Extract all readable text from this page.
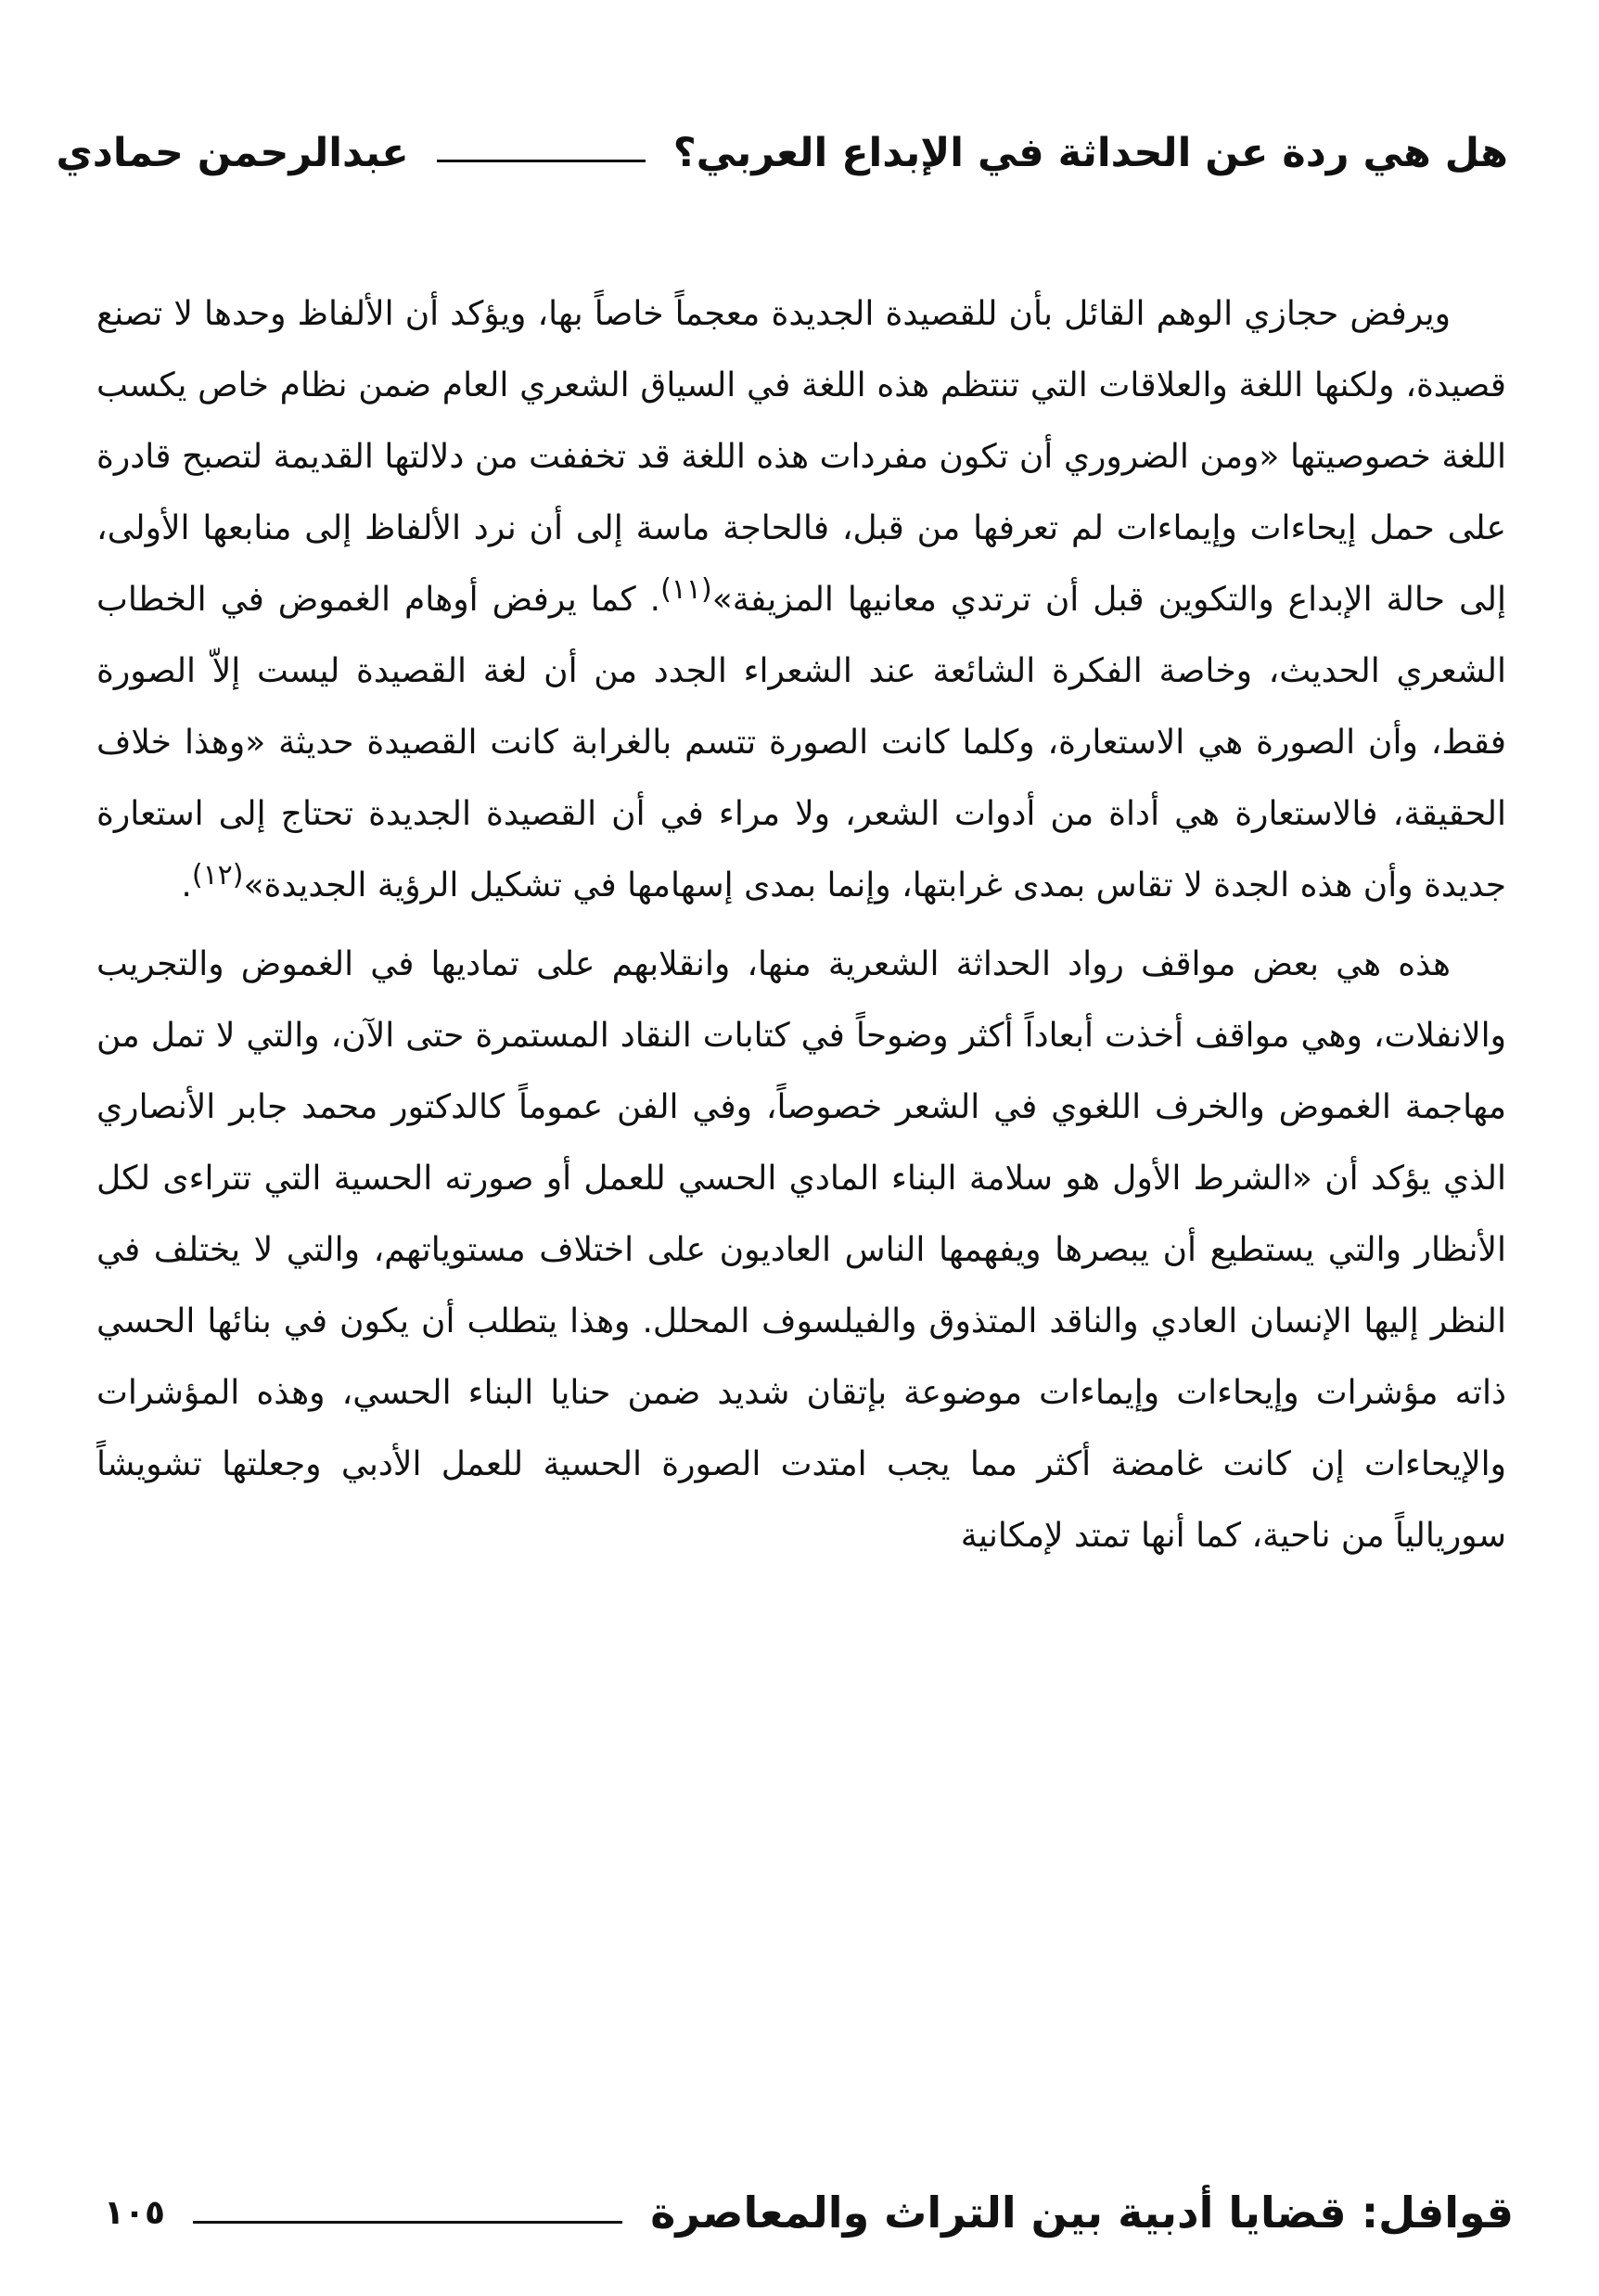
هل هي ردة عن الحداثة في الإبداع العربي؟
عبدالرحمن حمادي

ويرفض حجازي الوهم القائل بأن للقصيدة الجديدة معجماً خاصاً بها، ويؤكد أن الألفاظ وحدها لا تصنع قصيدة، ولكنها اللغة والعلاقات التي تنتظم هذه اللغة في السياق الشعري العام ضمن نظام خاص يكسب اللغة خصوصيتها «ومن الضروري أن تكون مفردات هذه اللغة قد تخففت من دلالتها القديمة لتصبح قادرة على حمل إيحاءات وإيماءات لم تعرفها من قبل، فالحاجة ماسة إلى أن نرد الألفاظ إلى منابعها الأولى، إلى حالة الإبداع والتكوين قبل أن ترتدي معانيها المزيفة»$^{(١١)}$. كما يرفض أوهام الغموض في الخطاب الشعري الحديث، وخاصة الفكرة الشائعة عند الشعراء الجدد من أن لغة القصيدة ليست إلاّ الصورة فقط، وأن الصورة هي الاستعارة، وكلما كانت الصورة تتسم بالغرابة كانت القصيدة حديثة «وهذا خلاف الحقيقة، فالاستعارة هي أداة من أدوات الشعر، ولا مراء في أن القصيدة الجديدة تحتاج إلى استعارة جديدة وأن هذه الجدة لا تقاس بمدى غرابتها، وإنما بمدى إسهامها في تشكيل الرؤية الجديدة»$^{(١٢)}$.

هذه هي بعض مواقف رواد الحداثة الشعرية منها، وانقلابهم على تماديها في الغموض والتجريب والانفلات، وهي مواقف أخذت أبعاداً أكثر وضوحاً في كتابات النقاد المستمرة حتى الآن، والتي لا تمل من مهاجمة الغموض والخرف اللغوي في الشعر خصوصاً، وفي الفن عموماً كالدكتور محمد جابر الأنصاري الذي يؤكد أن «الشرط الأول هو سلامة البناء المادي الحسي للعمل أو صورته الحسية التي تتراءى لكل الأنظار والتي يستطيع أن يبصرها ويفهمها الناس العاديون على اختلاف مستوياتهم، والتي لا يختلف في النظر إليها الإنسان العادي والناقد المتذوق والفيلسوف المحلل. وهذا يتطلب أن يكون في بنائها الحسي ذاته مؤشرات وإيحاءات وإيماءات موضوعة بإتقان شديد ضمن حنايا البناء الحسي، وهذه المؤشرات والإيحاءات إن كانت غامضة أكثر مما يجب امتدت الصورة الحسية للعمل الأدبي وجعلتها تشويشاً سوريالياً من ناحية، كما أنها تمتد لإمكانية

قوافل: قضايا أدبية بين التراث والمعاصرة
١٠٥
